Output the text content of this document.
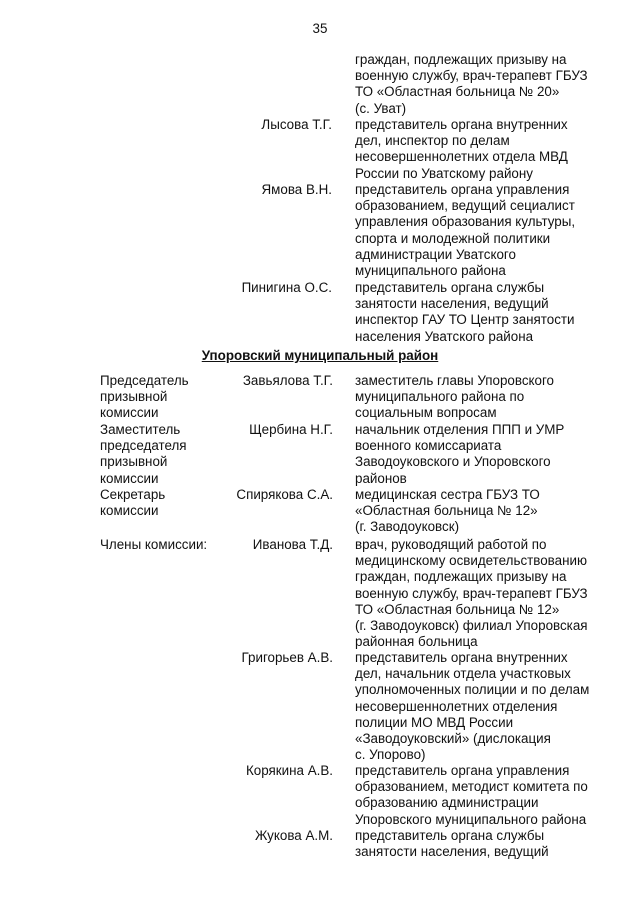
35
граждан, подлежащих призыву на
военную службу, врач-терапевт ГБУЗ
ТО «Областная больница № 20»
(с. Уват)
Лысова Т.Г. представитель органа внутренних
дел, инспектор по делам
несовершеннолетних отдела МВД
России по Уватскому району
Ямова В.Н. представитель органа управления
образованием, ведущий сециалист
управления образования культуры,
спорта и молодежной политики
администрации Уватского
муниципального района
Пинигина О.С. представитель органа службы
занятости населения, ведущий
инспектор ГАУ ТО Центр занятости
населения Уватского района
Упоровский муниципальный район
Председатель
призывной
комиссии
Завьялова Т.Г. заместитель главы Упоровского
муниципального района по
социальным вопросам
Заместитель
председателя
призывной
комиссии
Щербина Н.Г. начальник отделения ППП и УМР
военного комиссариата
Заводоуковского и Упоровского
районов
Секретарь
комиссии
Спирякова С.А. медицинская сестра ГБУЗ ТО
«Областная больница № 12»
(г. Заводоуковск)
Члены комиссии:	Иванова Т.Д. врач, руководящий работой по
медицинскому освидетельствованию
граждан, подлежащих призыву на
военную службу, врач-терапевт ГБУЗ
ТО «Областная больница № 12»
(г. Заводоуковск) филиал Упоровская
районная больница
Григорьев А.В. представитель органа внутренних
дел, начальник отдела участковых
уполномоченных полиции и по делам
несовершеннолетних отделения
полиции МО МВД России
«Заводоуковский» (дислокация
с. Упорово)
Корякина А.В. представитель органа управления
образованием, методист комитета по
образованию администрации
Упоровского муниципального района
Жукова А.М. представитель органа службы
занятости населения, ведущий
